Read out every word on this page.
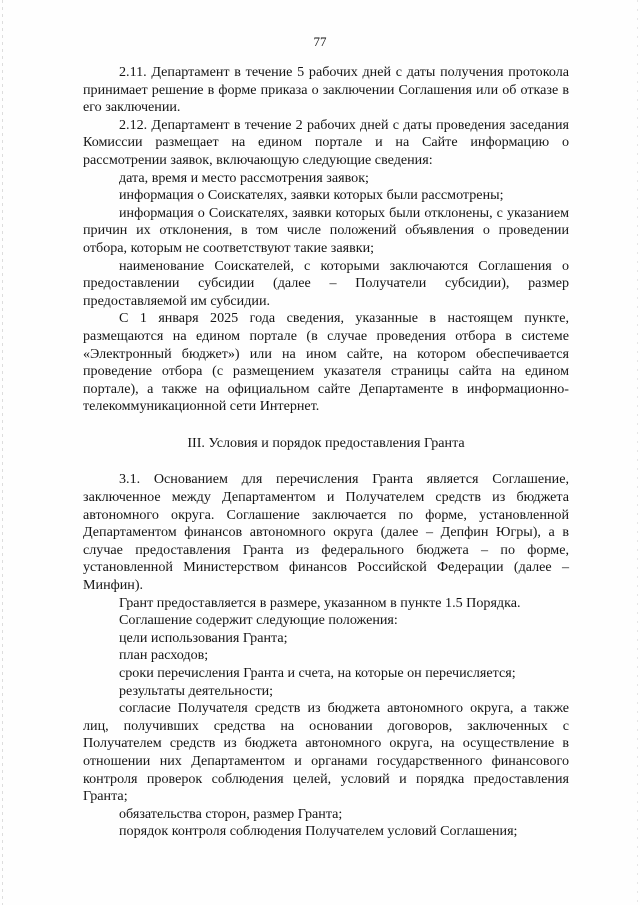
77

2.11. Департамент в течение 5 рабочих дней с даты получения протокола принимает решение в форме приказа о заключении Соглашения или об отказе в его заключении.

2.12. Департамент в течение 2 рабочих дней с даты проведения заседания Комиссии размещает на едином портале и на Сайте информацию о рассмотрении заявок, включающую следующие сведения:

дата, время и место рассмотрения заявок;

информация о Соискателях, заявки которых были рассмотрены;

информация о Соискателях, заявки которых были отклонены, с указанием причин их отклонения, в том числе положений объявления о проведении отбора, которым не соответствуют такие заявки;

наименование Соискателей, с которыми заключаются Соглашения о предоставлении субсидии (далее – Получатели субсидии), размер предоставляемой им субсидии.

С 1 января 2025 года сведения, указанные в настоящем пункте, размещаются на едином портале (в случае проведения отбора в системе «Электронный бюджет») или на ином сайте, на котором обеспечивается проведение отбора (с размещением указателя страницы сайта на едином портале), а также на официальном сайте Департаменте в информационно-телекоммуникационной сети Интернет.

III. Условия и порядок предоставления Гранта

3.1. Основанием для перечисления Гранта является Соглашение, заключенное между Департаментом и Получателем средств из бюджета автономного округа. Соглашение заключается по форме, установленной Департаментом финансов автономного округа (далее – Депфин Югры), а в случае предоставления Гранта из федерального бюджета – по форме, установленной Министерством финансов Российской Федерации (далее – Минфин).

Грант предоставляется в размере, указанном в пункте 1.5 Порядка.

Соглашение содержит следующие положения:

цели использования Гранта;

план расходов;

сроки перечисления Гранта и счета, на которые он перечисляется;

результаты деятельности;

согласие Получателя средств из бюджета автономного округа, а также лиц, получивших средства на основании договоров, заключенных с Получателем средств из бюджета автономного округа, на осуществление в отношении них Департаментом и органами государственного финансового контроля проверок соблюдения целей, условий и порядка предоставления Гранта;

обязательства сторон, размер Гранта;

порядок контроля соблюдения Получателем условий Соглашения;
